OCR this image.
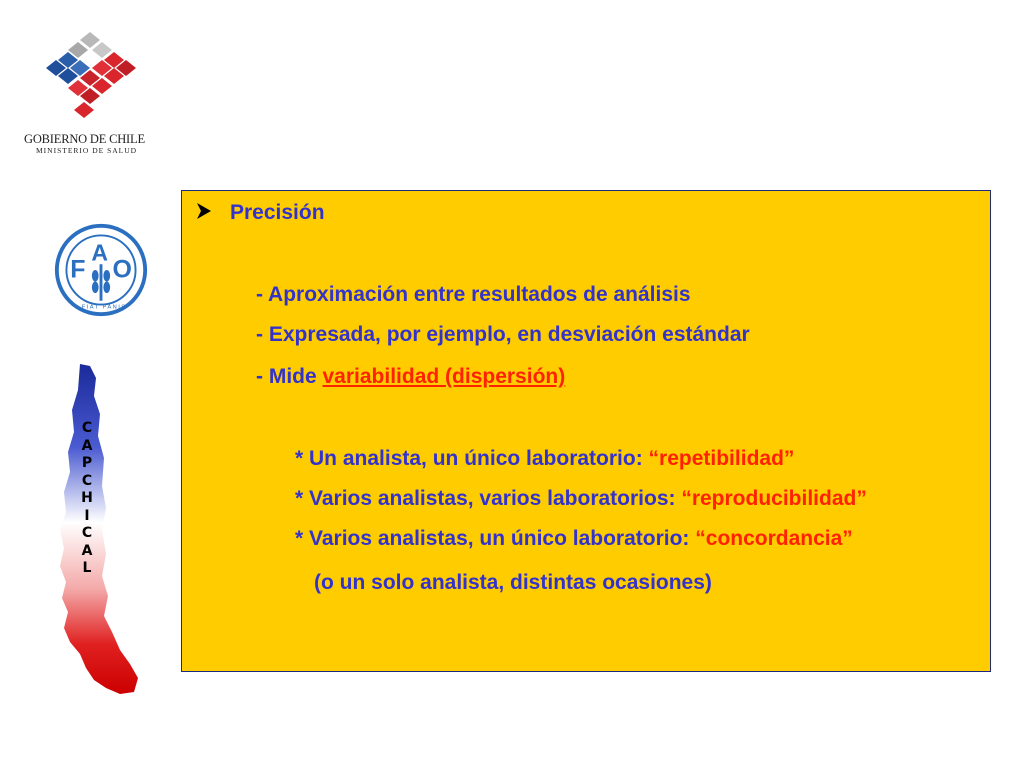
GOBIERNO DE CHILE
MINISTERIO DE SALUD
F
A
O
FIAT PANIS
C
A
P
C
H
I
C
A
L
Precisión
- Aproximación entre resultados de análisis
- Expresada, por ejemplo, en desviación estándar
- Mide variabilidad (dispersión)
* Un analista, un único laboratorio: “repetibilidad”
* Varios analistas, varios laboratorios: “reproducibilidad”
* Varios analistas, un único laboratorio: “concordancia”
(o un solo analista, distintas ocasiones)
